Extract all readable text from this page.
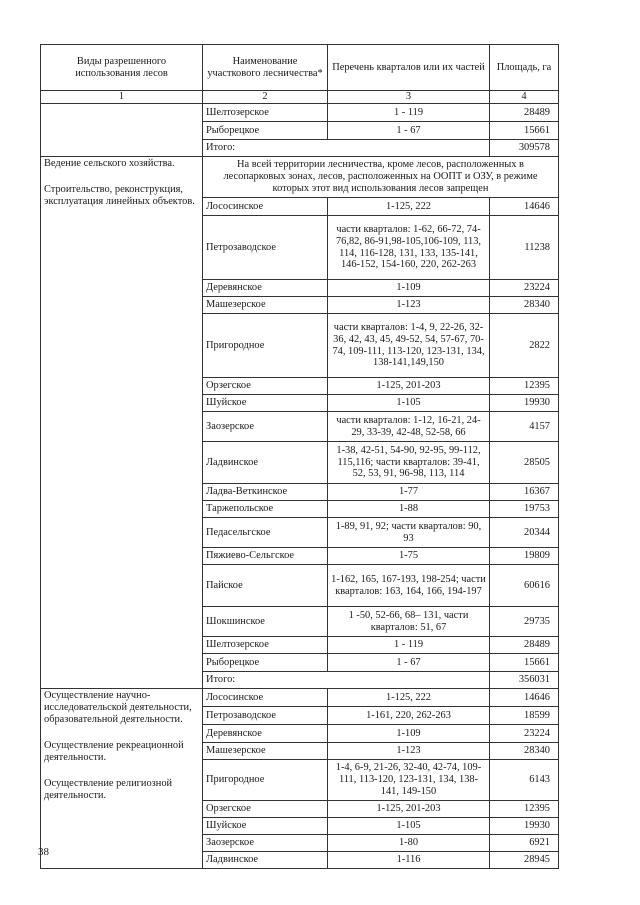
Виды разрешенного использования лесов	Наименование участкового лесничества*	Перечень кварталов или их частей	Площадь, га
1	2	3	4
	Шелтозерское	1 - 119	28489
	Рыборецкое	1 - 67	15661
	Итого:		309578

Ведение сельского хозяйства.

Строительство, реконструкция, эксплуатация линейных объектов.	На всей территории лесничества, кроме лесов, расположенных в лесопарковых зонах, лесов, расположенных на ООПТ и ОЗУ, в режиме которых этот вид использования лесов запрещен		
	Лососинское	1-125, 222	14646
	Петрозаводское	части кварталов: 1-62, 66-72, 74-76,82, 86-91,98-105,106-109, 113, 114, 116-128, 131, 133, 135-141, 146-152, 154-160, 220, 262-263	11238
	Деревянское	1-109	23224
	Машезерское	1-123	28340
	Пригородное	части кварталов: 1-4, 9, 22-26, 32-36, 42, 43, 45, 49-52, 54, 57-67, 70-74, 109-111, 113-120, 123-131, 134, 138-141,149,150	2822
	Орзегское	1-125, 201-203	12395
	Шуйское	1-105	19930
	Заозерское	части кварталов: 1-12, 16-21, 24-29, 33-39, 42-48, 52-58, 66	4157
	Ладвинское	1-38, 42-51, 54-90, 92-95, 99-112, 115,116; части кварталов: 39-41, 52, 53, 91, 96-98, 113, 114	28505
	Ладва-Веткинское	1-77	16367
	Таржепольское	1-88	19753
	Педасельгское	1-89, 91, 92; части кварталов: 90, 93	20344
	Пяжиево-Сельгское	1-75	19809
	Пайское	1-162, 165, 167-193, 198-254; части кварталов: 163, 164, 166, 194-197	60616
	Шокшинское	1 -50, 52-66, 68– 131, части кварталов: 51, 67	29735
	Шелтозерское	1 - 119	28489
	Рыборецкое	1 - 67	15661
	Итого:		356031

Осуществление научно-исследовательской деятельности, образовательной деятельности.

Осуществление рекреационной деятельности.

Осуществление религиозной деятельности.	Лососинское	1-125, 222	14646
	Петрозаводское	1-161, 220, 262-263	18599
	Деревянское	1-109	23224
	Машезерское	1-123	28340
	Пригородное	1-4, 6-9, 21-26, 32-40, 42-74, 109-111, 113-120, 123-131, 134, 138-141, 149-150	6143
	Орзегское	1-125, 201-203	12395
	Шуйское	1-105	19930
	Заозерское	1-80	6921
	Ладвинское	1-116	28945
38
